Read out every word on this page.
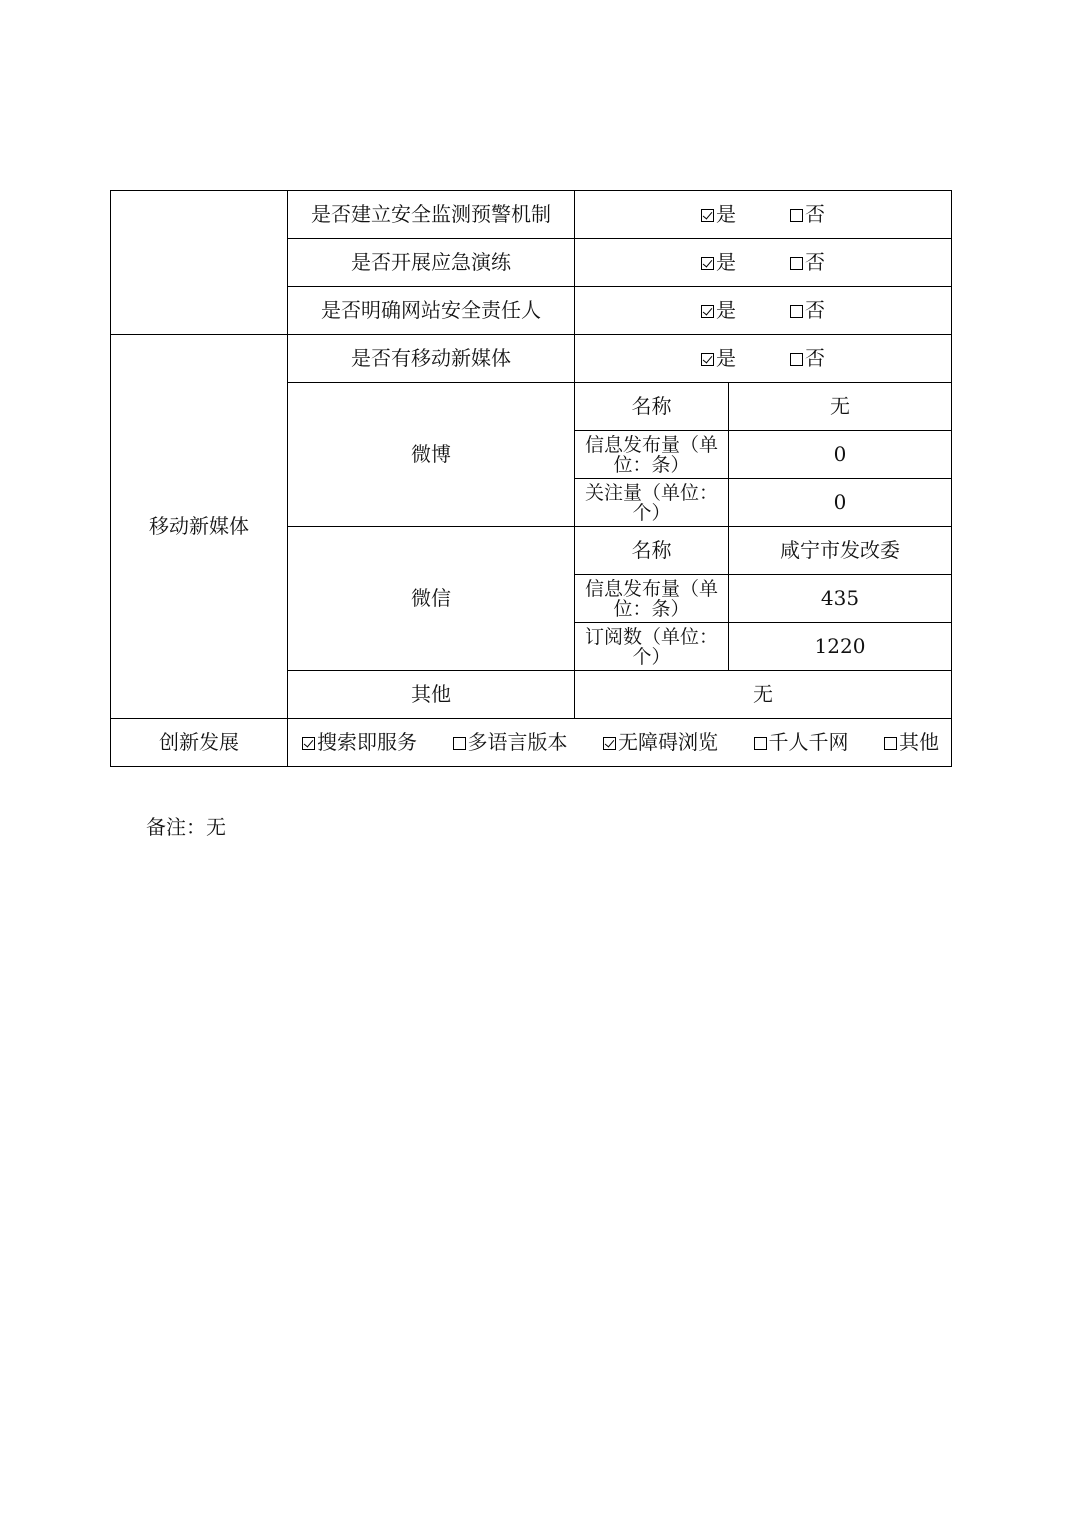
	是否建立安全监测预警机制	是 否	
	是否开展应急演练	是 否	
	是否明确网站安全责任人	是 否	
移动新媒体	是否有移动新媒体	是 否	
	微博	名称	无
		信息发布量（单位：条）	0
		关注量（单位：个）	0
	微信	名称	咸宁市发改委
		信息发布量（单位：条）	435
		订阅数（单位：个）	1220
	其他	无	
创新发展	搜索即服务 多语言版本 无障碍浏览 千人千网 其他		
备注：无
